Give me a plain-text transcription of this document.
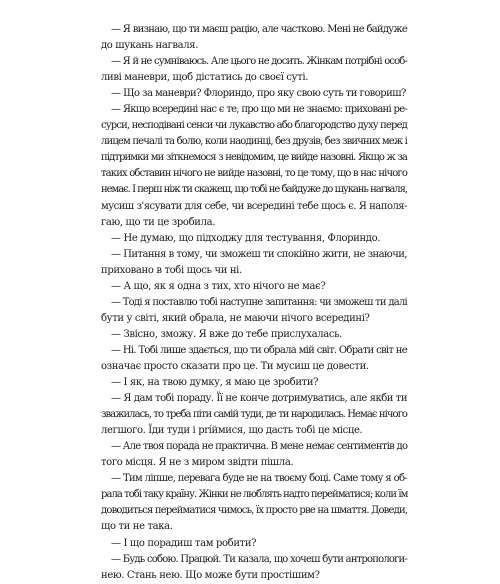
— Я визнаю, що ти маєш рацію, але частково. Мені не байдуже
до шукань нагваля.
— Я й не сумніваюсь. Але цього не досить. Жінкам потрібні особ-
ливі маневри, щоб дістатись до своєї суті.
— Що за маневри? Флориндо, про яку свою суть ти говориш?
— Якщо всередині нас є те, про що ми не знаємо: приховані ре-
сурси, несподівані сенси чи лукавство або благородство духу перед
лицем печалі та болю, коли наодинці, без друзів, без звичних меж і
підтримки ми зіткнемося з невідомим, це вийде назовні. Якщо ж за
таких обставин нічого не вийде назовні, то це тому, що в нас нічого
немає. І перш ніж ти скажеш, що тобі не байдуже до шукань нагваля,
мусиш з'ясувати для себе, чи всередині тебе щось є. Я наполя-
гаю, що ти це зробила.
— Не думаю, що підходжу для тестування, Флориндо.
— Питання в тому, чи зможеш ти спокійно жити, не знаючи,
приховано в тобі щось чи ні.
— А що, як я одна з тих, хто нічого не має?
— Тоді я поставлю тобі наступне запитання: чи зможеш ти далі
бути у світі, який обрала, не маючи нічого всередині?
— Звісно, зможу. Я вже до тебе прислухалась.
— Ні. Тобі лише здається, що ти обрала мій світ. Обрати світ не
означає просто сказати про це. Ти мусиш це довести.
— І як, на твою думку, я маю це зробити?
— Я дам тобі пораду. Її не конче дотримуватись, але якби ти
зважилась, то треба піти самій туди, де ти народилась. Немає нічого
легшого. Їди туди і príймися, що дасть тобі це місце.
— Але твоя порада не практична. В мене немає сентиментів до
того місця. Я не з миром звідти пішла.
— Тим ліпше, перевага буде не на твоєму боці. Саме тому я об-
рала тобі таку країну. Жінки не люблять надто перейматися; коли їм
доводиться перейматися чимось, їх просто рве на шмаття. Доведи,
що ти не така.
— І що порадиш там робити?
— Будь собою. Працюй. Ти казала, що хочеш бути антропологи-
нею. Стань нею. Що може бути простішим?
